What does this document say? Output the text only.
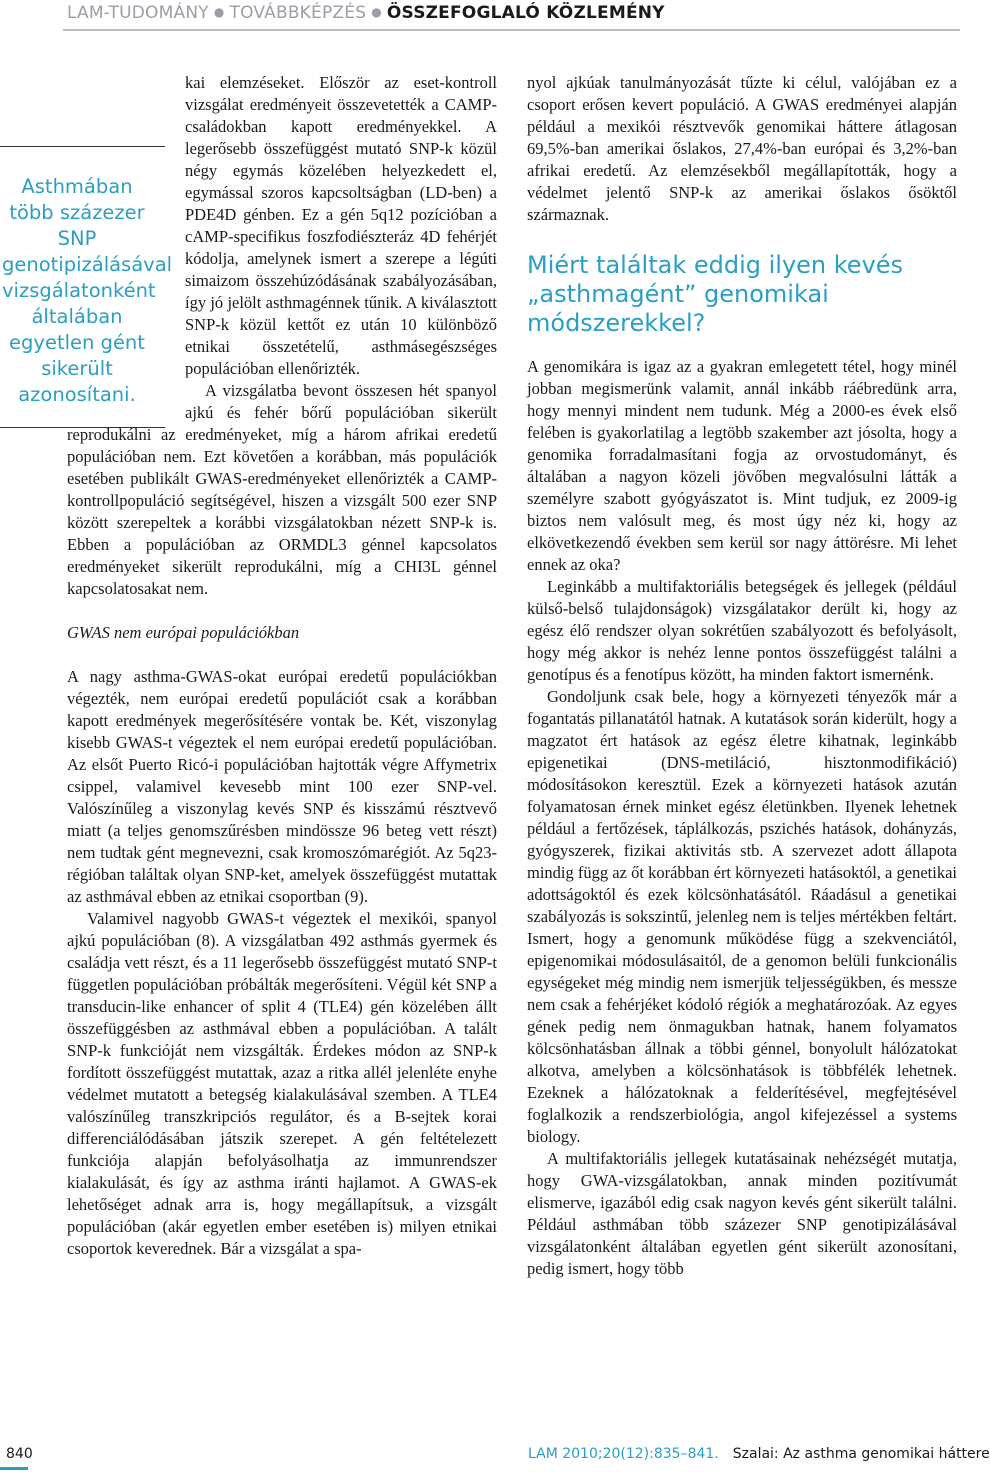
LAM-TUDOMÁNY ● TOVÁBBKÉPZÉS ● ÖSSZEFOGLALÓ KÖZLEMÉNY
Asthmában több százezer SNP genotipizálásával vizsgálatonként általában egyetlen gént sikerült azonosítani.

kai elemzéseket. Először az eset-kontroll vizsgálat eredményeit összevetették a CAMP-családokban kapott eredményekkel. A legerősebb összefüggést mutató SNP-k közül négy egymás közelében helyezkedett el, egymással szoros kapcsoltságban (LD-ben) a PDE4D génben. Ez a gén 5q12 pozícióban a cAMP-specifikus foszfodiészteráz 4D fehérjét kódolja, amelynek ismert a szerepe a légúti simaizom összehúzódásának szabályozásában, így jó jelölt asthmagénnek tűnik. A kiválasztott SNP-k közül kettőt ez után 10 különböző etnikai összetételű, asthmásegészséges populációban ellenőrizték.

A vizsgálatba bevont összesen hét spanyol ajkú és fehér bőrű populációban sikerült reprodukálni az eredményeket, míg a három afrikai eredetű populációban nem. Ezt követően a korábban, más populációk esetében publikált GWAS-eredményeket ellenőrizték a CAMP-kontrollpopuláció segítségével, hiszen a vizsgált 500 ezer SNP között szerepeltek a korábbi vizsgálatokban nézett SNP-k is. Ebben a populációban az ORMDL3 génnel kapcsolatos eredményeket sikerült reprodukálni, míg a CHI3L génnel kapcsolatosakat nem.

GWAS nem európai populációkban

A nagy asthma-GWAS-okat európai eredetű populációkban végezték, nem európai eredetű populációt csak a korábban kapott eredmények megerősítésére vontak be. Két, viszonylag kisebb GWAS-t végeztek el nem európai eredetű populációban. Az elsőt Puerto Ricó-i populációban hajtották végre Affymetrix csippel, valamivel kevesebb mint 100 ezer SNP-vel. Valószínűleg a viszonylag kevés SNP és kisszámú résztvevő miatt (a teljes genomszűrésben mindössze 96 beteg vett részt) nem tudtak gént megnevezni, csak kromoszómarégiót. Az 5q23-régióban találtak olyan SNP-ket, amelyek összefüggést mutattak az asthmával ebben az etnikai csoportban (9).

Valamivel nagyobb GWAS-t végeztek el mexikói, spanyol ajkú populációban (8). A vizsgálatban 492 asthmás gyermek és családja vett részt, és a 11 legerősebb összefüggést mutató SNP-t független populációban próbálták megerősíteni. Végül két SNP a transducin-like enhancer of split 4 (TLE4) gén közelében állt összefüggésben az asthmával ebben a populációban. A talált SNP-k funkcióját nem vizsgálták. Érdekes módon az SNP-k fordított összefüggést mutattak, azaz a ritka allél jelenléte enyhe védelmet mutatott a betegség kialakulásával szemben. A TLE4 valószínűleg transzkripciós regulátor, és a B-sejtek korai differenciálódásában játszik szerepet. A gén feltételezett funkciója alapján befolyásolhatja az immunrendszer kialakulását, és így az asthma iránti hajlamot. A GWAS-ek lehetőséget adnak arra is, hogy megállapítsuk, a vizsgált populációban (akár egyetlen ember esetében is) milyen etnikai csoportok keverednek. Bár a vizsgálat a spa-

nyol ajkúak tanulmányozását tűzte ki célul, valójában ez a csoport erősen kevert populáció. A GWAS eredményei alapján például a mexikói résztvevők genomikai háttere átlagosan 69,5%-ban amerikai őslakos, 27,4%-ban európai és 3,2%-ban afrikai eredetű. Az elemzésekből megállapították, hogy a védelmet jelentő SNP-k az amerikai őslakos ősöktől származnak.

Miért találtak eddig ilyen kevés „asthmagént” genomikai módszerekkel?

A genomikára is igaz az a gyakran emlegetett tétel, hogy minél jobban megismerünk valamit, annál inkább ráébredünk arra, hogy mennyi mindent nem tudunk. Még a 2000-es évek első felében is gyakorlatilag a legtöbb szakember azt jósolta, hogy a genomika forradalmasítani fogja az orvostudományt, és általában a nagyon közeli jövőben megvalósulni látták a személyre szabott gyógyászatot is. Mint tudjuk, ez 2009-ig biztos nem valósult meg, és most úgy néz ki, hogy az elkövetkezendő években sem kerül sor nagy áttörésre. Mi lehet ennek az oka?

Leginkább a multifaktoriális betegségek és jellegek (például külső-belső tulajdonságok) vizsgálatakor derült ki, hogy az egész élő rendszer olyan sokrétűen szabályozott és befolyásolt, hogy még akkor is nehéz lenne pontos összefüggést találni a genotípus és a fenotípus között, ha minden faktort ismernénk.

Gondoljunk csak bele, hogy a környezeti tényezők már a fogantatás pillanatától hatnak. A kutatások során kiderült, hogy a magzatot ért hatások az egész életre kihatnak, leginkább epigenetikai (DNS-metiláció, hisztonmodifikáció) módosításokon keresztül. Ezek a környezeti hatások azután folyamatosan érnek minket egész életünkben. Ilyenek lehetnek például a fertőzések, táplálkozás, pszichés hatások, dohányzás, gyógyszerek, fizikai aktivitás stb. A szervezet adott állapota mindig függ az őt korábban ért környezeti hatásoktól, a genetikai adottságoktól és ezek kölcsönhatásától. Ráadásul a genetikai szabályozás is sokszintű, jelenleg nem is teljes mértékben feltárt. Ismert, hogy a genomunk működése függ a szekvenciától, epigenomikai módosulásaitól, de a genomon belüli funkcionális egységeket még mindig nem ismerjük teljességükben, és messze nem csak a fehérjéket kódoló régiók a meghatározóak. Az egyes gének pedig nem önmagukban hatnak, hanem folyamatos kölcsönhatásban állnak a többi génnel, bonyolult hálózatokat alkotva, amelyben a kölcsönhatások is többfélék lehetnek. Ezeknek a hálózatoknak a felderítésével, megfejtésével foglalkozik a rendszerbiológia, angol kifejezéssel a systems biology.

A multifaktoriális jellegek kutatásainak nehézségét mutatja, hogy GWA-vizsgálatokban, annak minden pozitívumát elismerve, igazából edig csak nagyon kevés gént sikerült találni. Például asthmában több százezer SNP genotipizálásával vizsgálatonként általában egyetlen gént sikerült azonosítani, pedig ismert, hogy több

840	LAM 2010;20(12):835–841. Szalai: Az asthma genomikai háttere
